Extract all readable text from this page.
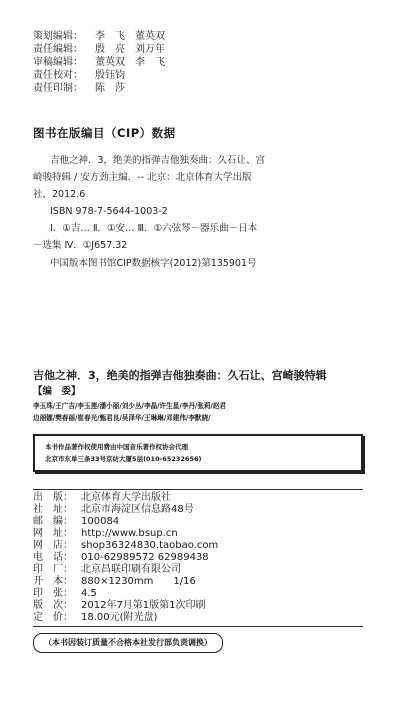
策划编辑： 李　飞　董英双
责任编辑： 殷　亮　刘万年
审稿编辑： 董英双　李　飞
责任校对： 殷钰钧
责任印制： 陈　莎
图书在版编目（CIP）数据
吉他之神．3，绝美的指弹吉他独奏曲：久石让、宫
崎骏特辑 / 安方劲主编．-- 北京：北京体育大学出版
社，2012.6
ISBN 978-7-5644-1003-2
Ⅰ．①吉… Ⅱ．①安… Ⅲ．①六弦琴－器乐曲－日本
－选集 Ⅳ．①J657.32
中国版本图书馆CIP数据核字(2012)第135901号
吉他之神．3，绝美的指弹吉他独奏曲：久石让、宫崎骏特辑
【编　委】
李玉珠/王广吉/李玉莲/潘小丽/刘少丛/李晶/许生星/李丹/张莉/赵君
边丽娜/樊春丽/崔春光/甄君良/吴泽华/王琳琳/邓建伟/李默晓/
本书作品著作权使用费由中国音乐著作权协会代理
北京市东单三条33号京纺大厦5层(010-65232656)
出　版： 北京体育大学出版社
社　址： 北京市海淀区信息路48号
邮　编： 100084
网　址： http://www.bsup.cn
网　店： shop36324830.taobao.com
电　话： 010-62989572 62989438
印　厂： 北京昌联印刷有限公司
开　本： 880×1230mm　　1/16
印　张： 4.5
版　次： 2012年7月第1版第1次印刷
定　价： 18.00元(附光盘)
（本书因装订质量不合格本社发行部负责调换）
